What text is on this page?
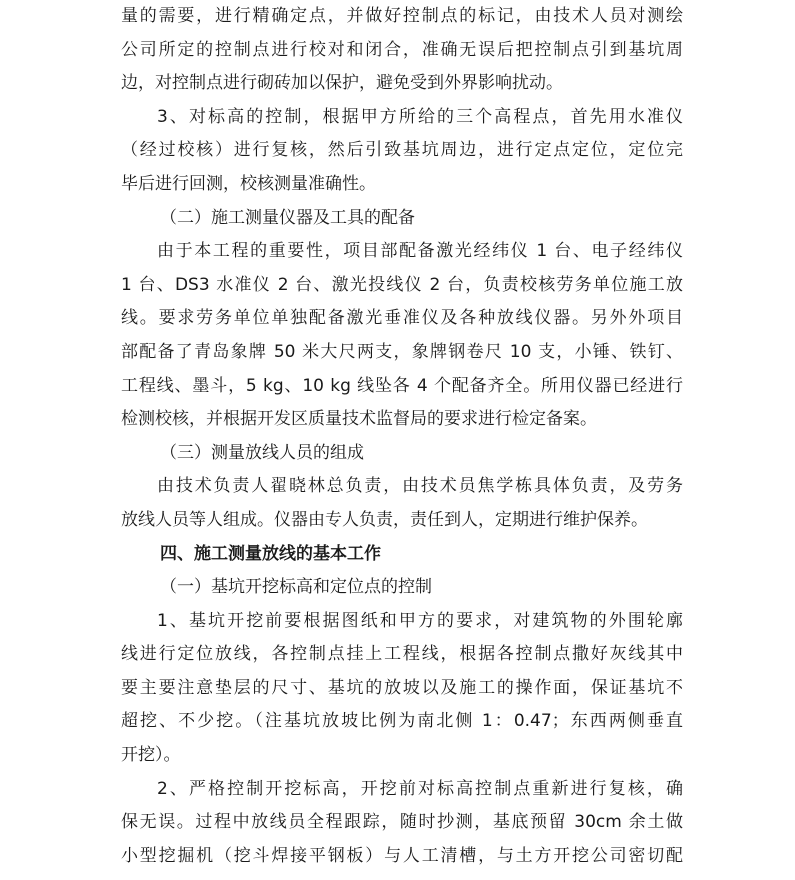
量的需要，进行精确定点，并做好控制点的标记，由技术人员对测绘
公司所定的控制点进行校对和闭合，准确无误后把控制点引到基坑周
边，对控制点进行砌砖加以保护，避免受到外界影响扰动。
3、对标高的控制，根据甲方所给的三个高程点，首先用水准仪
（经过校核）进行复核，然后引致基坑周边，进行定点定位，定位完
毕后进行回测，校核测量准确性。
（二）施工测量仪器及工具的配备
由于本工程的重要性，项目部配备激光经纬仪 1 台、电子经纬仪
1 台、DS3 水准仪 2 台、激光投线仪 2 台，负责校核劳务单位施工放
线。要求劳务单位单独配备激光垂准仪及各种放线仪器。另外外项目
部配备了青岛象牌 50 米大尺两支，象牌钢卷尺 10 支，小锤、铁钉、
工程线、墨斗，5 kg、10 kg 线坠各 4 个配备齐全。所用仪器已经进行
检测校核，并根据开发区质量技术监督局的要求进行检定备案。
（三）测量放线人员的组成
由技术负责人翟晓林总负责，由技术员焦学栋具体负责，及劳务
放线人员等人组成。仪器由专人负责，责任到人，定期进行维护保养。
四、施工测量放线的基本工作
（一）基坑开挖标高和定位点的控制
1、基坑开挖前要根据图纸和甲方的要求，对建筑物的外围轮廓
线进行定位放线，各控制点挂上工程线，根据各控制点撒好灰线其中
要主要注意垫层的尺寸、基坑的放坡以及施工的操作面，保证基坑不
超挖、不少挖。（注基坑放坡比例为南北侧 1：0.47；东西两侧垂直
开挖）。
2、严格控制开挖标高，开挖前对标高控制点重新进行复核，确
保无误。过程中放线员全程跟踪，随时抄测，基底预留 30cm 余土做
小型挖掘机（挖斗焊接平钢板）与人工清槽，与土方开挖公司密切配
